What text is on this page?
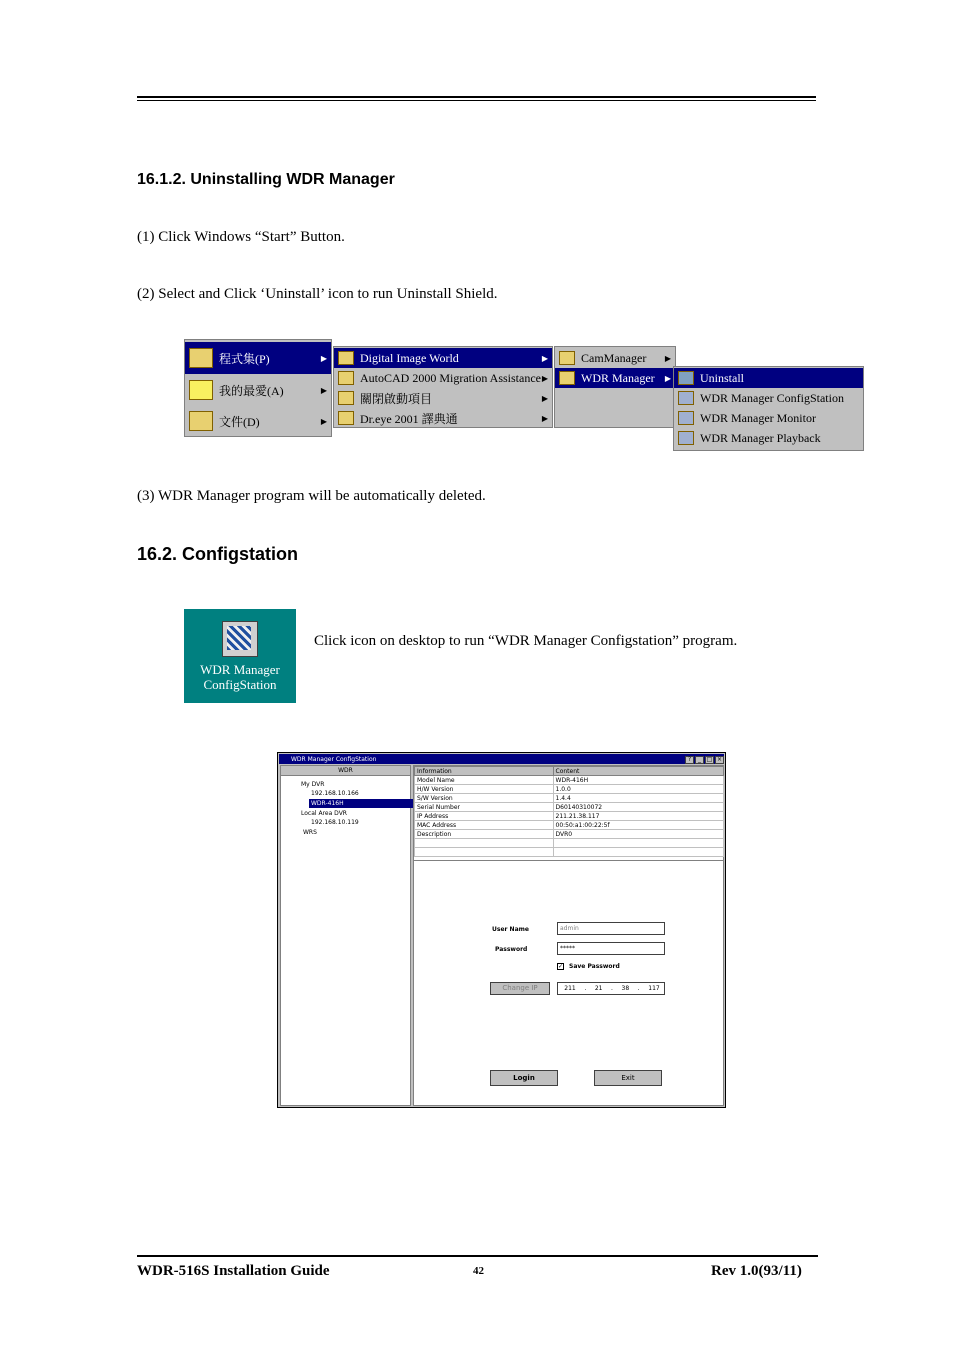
16.1.2. Uninstalling WDR Manager
(1) Click Windows “Start” Button.
(2) Select and Click ‘Uninstall’ icon to run Uninstall Shield.
程式集(P)	▶
我的最愛(A)	▶
文件(D)	▶
Digital Image World	▶
AutoCAD 2000 Migration Assistance ▶
關閉啟動項目	▶
Dr.eye 2001 譯典通	▶
CamManager ▶
WDR Manager ▶ Uninstall
WDR Manager ConfigStation
WDR Manager Monitor
WDR Manager Playback
(3) WDR Manager program will be automatically deleted.
16.2. Configstation
WDR Manager
ConfigStation
Click icon on desktop to run “WDR Manager Configstation” program.
WDR Manager ConfigStation	?	_ □ ×
WDR
My DVR
192.168.10.166
WDR-416H
Local Area DVR
192.168.10.119
WRS
Information	Content
Model Name	WDR-416H
H/W Version	1.0.0
S/W Version	1.4.4
Serial Number	D60140310072
IP Address	211.21.38.117
MAC Address	00:50:a1:00:22:5f
Description	DVR0

User Name	admin
Password	*****
✓ Save Password
Change IP	211 . 21 . 38 . 117
Login	Exit
WDR-516S Installation Guide	42	Rev 1.0(93/11)
